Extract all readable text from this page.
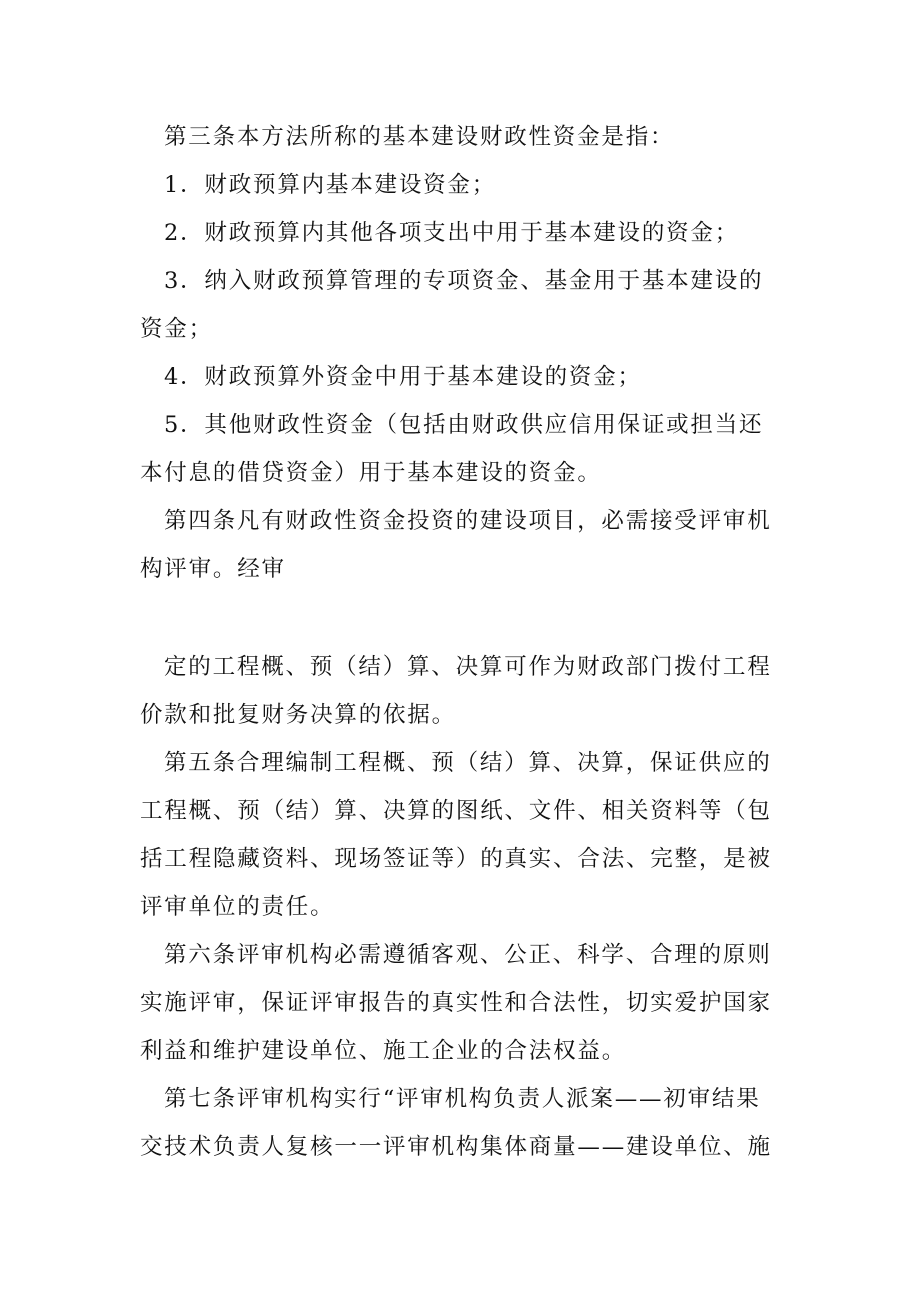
第三条本方法所称的基本建设财政性资金是指：

1．财政预算内基本建设资金；

2．财政预算内其他各项支出中用于基本建设的资金；

3．纳入财政预算管理的专项资金、基金用于基本建设的
资金；

4．财政预算外资金中用于基本建设的资金；

5．其他财政性资金（包括由财政供应信用保证或担当还
本付息的借贷资金）用于基本建设的资金。

第四条凡有财政性资金投资的建设项目，必需接受评审机
构评审。经审

定的工程概、预（结）算、决算可作为财政部门拨付工程
价款和批复财务决算的依据。

第五条合理编制工程概、预（结）算、决算，保证供应的
工程概、预（结）算、决算的图纸、文件、相关资料等（包
括工程隐藏资料、现场签证等）的真实、合法、完整，是被
评审单位的责任。

第六条评审机构必需遵循客观、公正、科学、合理的原则
实施评审，保证评审报告的真实性和合法性，切实爱护国家
利益和维护建设单位、施工企业的合法权益。

第七条评审机构实行“评审机构负责人派案——初审结果
交技术负责人复核一一评审机构集体商量——建设单位、施
